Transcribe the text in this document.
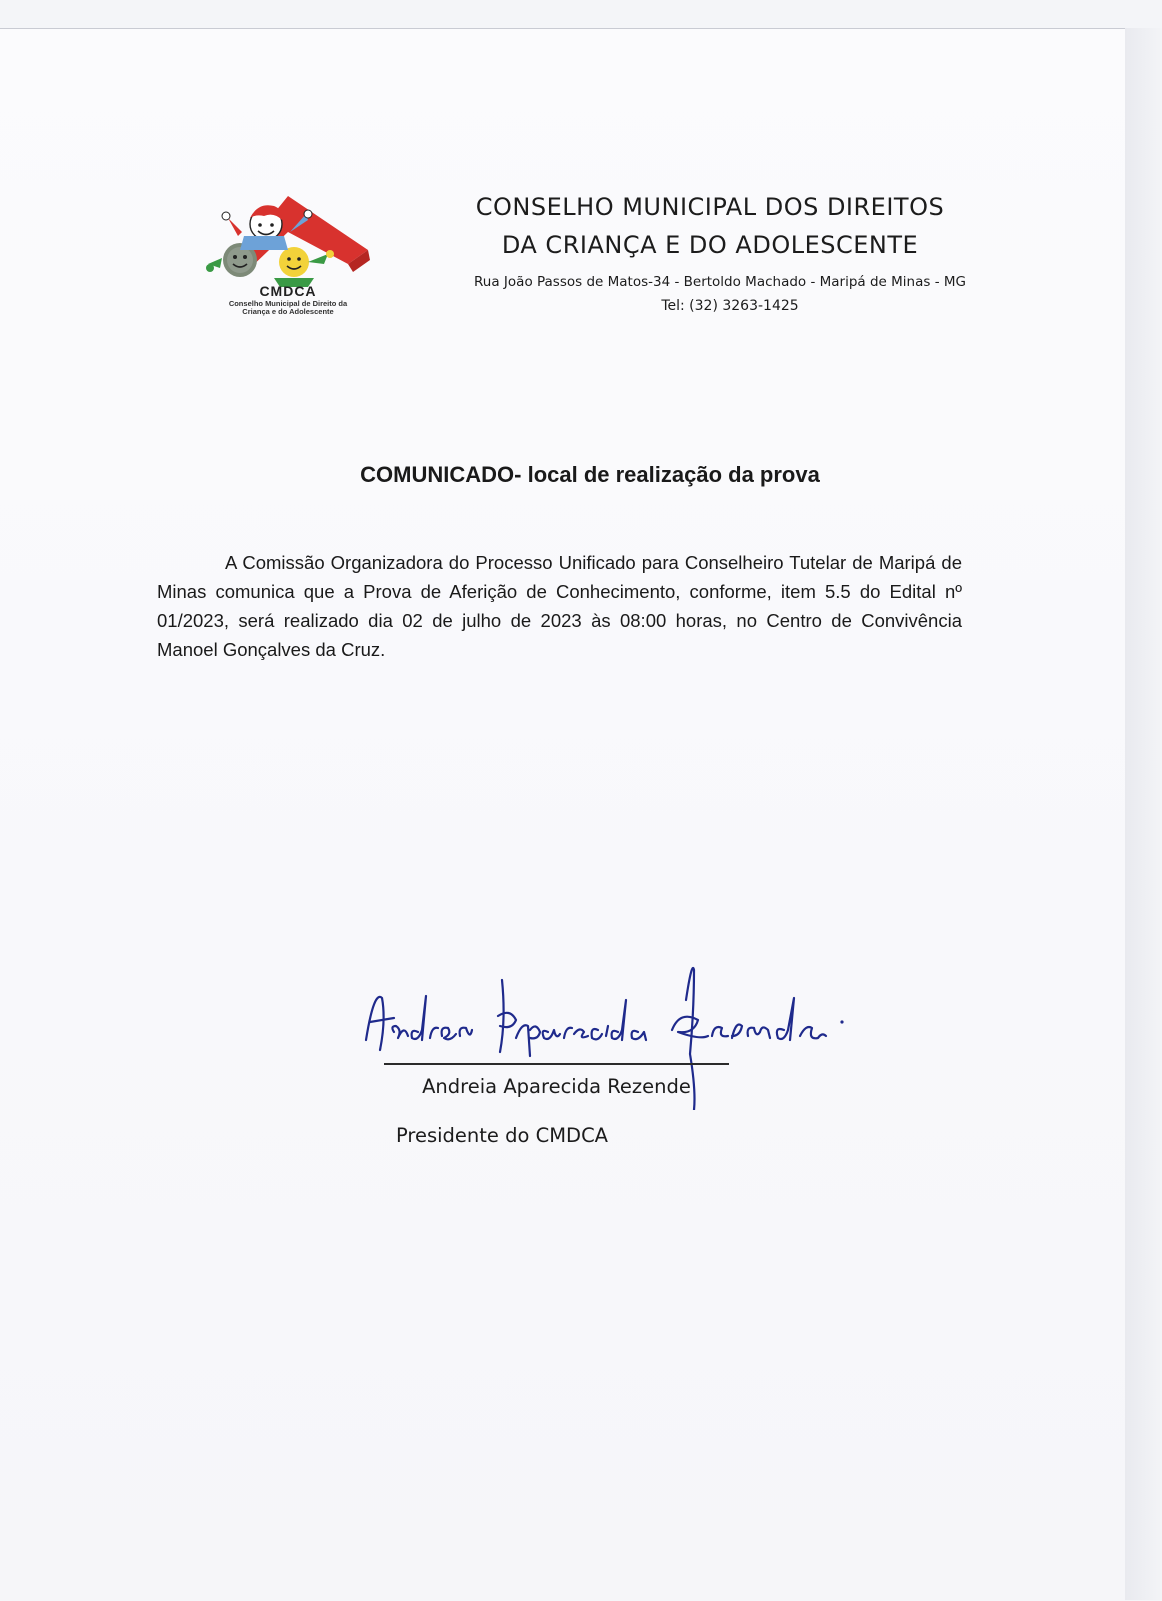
CMDCA
Conselho Municipal de Direito da
Criança e do Adolescente
CONSELHO MUNICIPAL DOS DIREITOS
DA CRIANÇA E DO ADOLESCENTE
Rua João Passos de Matos-34 - Bertoldo Machado - Maripá de Minas - MG
Tel: (32) 3263-1425
COMUNICADO- local de realização da prova

A Comissão Organizadora do Processo Unificado para Conselheiro Tutelar de Maripá de Minas comunica que a Prova de Aferição de Conhecimento, conforme, item 5.5 do Edital nº 01/2023, será realizado dia 02 de julho de 2023 às 08:00 horas, no Centro de Convivência Manoel Gonçalves da Cruz.

Andreia Aparecida Rezende
Presidente do CMDCA
